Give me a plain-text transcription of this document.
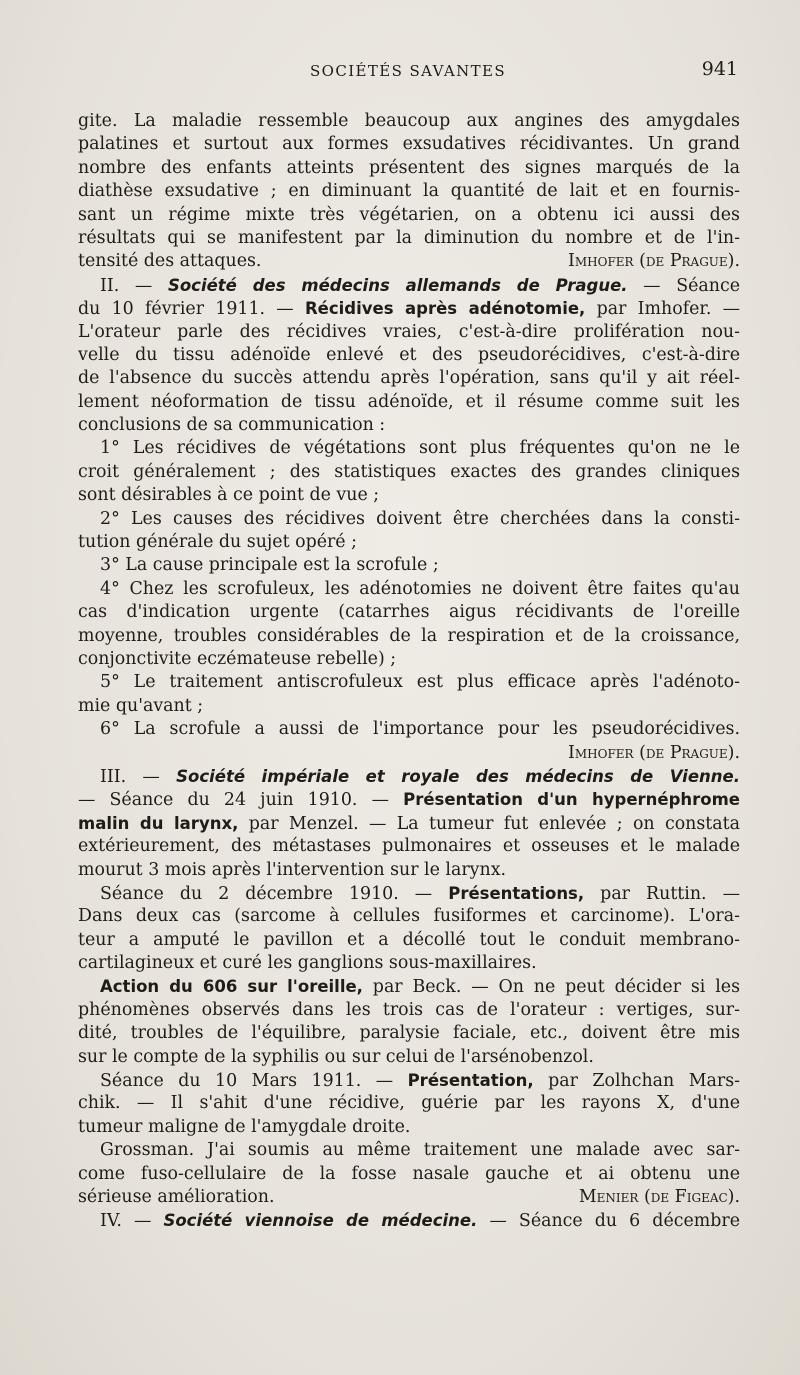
SOCIÉTÉS SAVANTES	941
gite. La maladie ressemble beaucoup aux angines des amygdales
palatines et surtout aux formes exsudatives récidivantes. Un grand
nombre des enfants atteints présentent des signes marqués de la
diathèse exsudative ; en diminuant la quantité de lait et en fournis-
sant un régime mixte très végétarien, on a obtenu ici aussi des
résultats qui se manifestent par la diminution du nombre et de l'in-
tensité des attaques.	Imhofer (de Prague).
II. — Société des médecins allemands de Prague. — Séance
du 10 février 1911. — Récidives après adénotomie, par Imhofer. —
L'orateur parle des récidives vraies, c'est-à-dire prolifération nou-
velle du tissu adénoïde enlevé et des pseudorécidives, c'est-à-dire
de l'absence du succès attendu après l'opération, sans qu'il y ait réel-
lement néoformation de tissu adénoïde, et il résume comme suit les
conclusions de sa communication :
1° Les récidives de végétations sont plus fréquentes qu'on ne le
croit généralement ; des statistiques exactes des grandes cliniques
sont désirables à ce point de vue ;
2° Les causes des récidives doivent être cherchées dans la consti-
tution générale du sujet opéré ;
3° La cause principale est la scrofule ;
4° Chez les scrofuleux, les adénotomies ne doivent être faites qu'au
cas d'indication urgente (catarrhes aigus récidivants de l'oreille
moyenne, troubles considérables de la respiration et de la croissance,
conjonctivite eczémateuse rebelle) ;
5° Le traitement antiscrofuleux est plus efficace après l'adénoto-
mie qu'avant ;
6° La scrofule a aussi de l'importance pour les pseudorécidives.
Imhofer (de Prague).
III. — Société impériale et royale des médecins de Vienne.
— Séance du 24 juin 1910. — Présentation d'un hypernéphrome
malin du larynx, par Menzel. — La tumeur fut enlevée ; on constata
extérieurement, des métastases pulmonaires et osseuses et le malade
mourut 3 mois après l'intervention sur le larynx.
Séance du 2 décembre 1910. — Présentations, par Ruttin. —
Dans deux cas (sarcome à cellules fusiformes et carcinome). L'ora-
teur a amputé le pavillon et a décollé tout le conduit membrano-
cartilagineux et curé les ganglions sous-maxillaires.
Action du 606 sur l'oreille, par Beck. — On ne peut décider si les
phénomènes observés dans les trois cas de l'orateur : vertiges, sur-
dité, troubles de l'équilibre, paralysie faciale, etc., doivent être mis
sur le compte de la syphilis ou sur celui de l'arsénobenzol.
Séance du 10 Mars 1911. — Présentation, par Zolhchan Mars-
chik. — Il s'ahit d'une récidive, guérie par les rayons X, d'une
tumeur maligne de l'amygdale droite.
Grossman. J'ai soumis au même traitement une malade avec sar-
come fuso-cellulaire de la fosse nasale gauche et ai obtenu une
sérieuse amélioration.	Menier (de Figeac).
IV. — Société viennoise de médecine. — Séance du 6 décembre
